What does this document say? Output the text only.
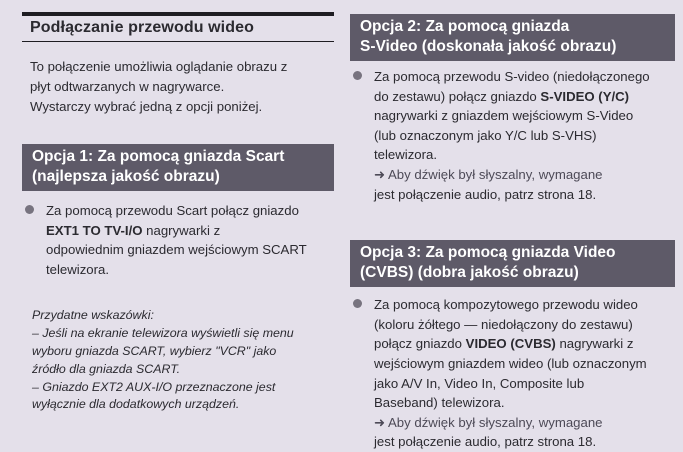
Podłączanie przewodu wideo
To połączenie umożliwia oglądanie obrazu z
płyt odtwarzanych w nagrywarce.
Wystarczy wybrać jedną z opcji poniżej.
Opcja 1: Za pomocą gniazda Scart
(najlepsza jakość obrazu)
Za pomocą przewodu Scart połącz gniazdo
EXT1 TO TV-I/O nagrywarki z
odpowiednim gniazdem wejściowym SCART
telewizora.
Przydatne wskazówki:
– Jeśli na ekranie telewizora wyświetli się menu
wyboru gniazda SCART, wybierz "VCR" jako
źródło dla gniazda SCART.
– Gniazdo EXT2 AUX-I/O przeznaczone jest
wyłącznie dla dodatkowych urządzeń.
Opcja 2: Za pomocą gniazda
S-Video (doskonała jakość obrazu)
Za pomocą przewodu S-video (niedołączonego
do zestawu) połącz gniazdo S-VIDEO (Y/C)
nagrywarki z gniazdem wejściowym S-Video
(lub oznaczonym jako Y/C lub S-VHS)
telewizora.
➜ Aby dźwięk był słyszalny, wymagane
jest połączenie audio, patrz strona 18.
Opcja 3: Za pomocą gniazda Video
(CVBS) (dobra jakość obrazu)
Za pomocą kompozytowego przewodu wideo
(koloru żółtego — niedołączony do zestawu)
połącz gniazdo VIDEO (CVBS) nagrywarki z
wejściowym gniazdem wideo (lub oznaczonym
jako A/V In, Video In, Composite lub
Baseband) telewizora.
➜ Aby dźwięk był słyszalny, wymagane
jest połączenie audio, patrz strona 18.
